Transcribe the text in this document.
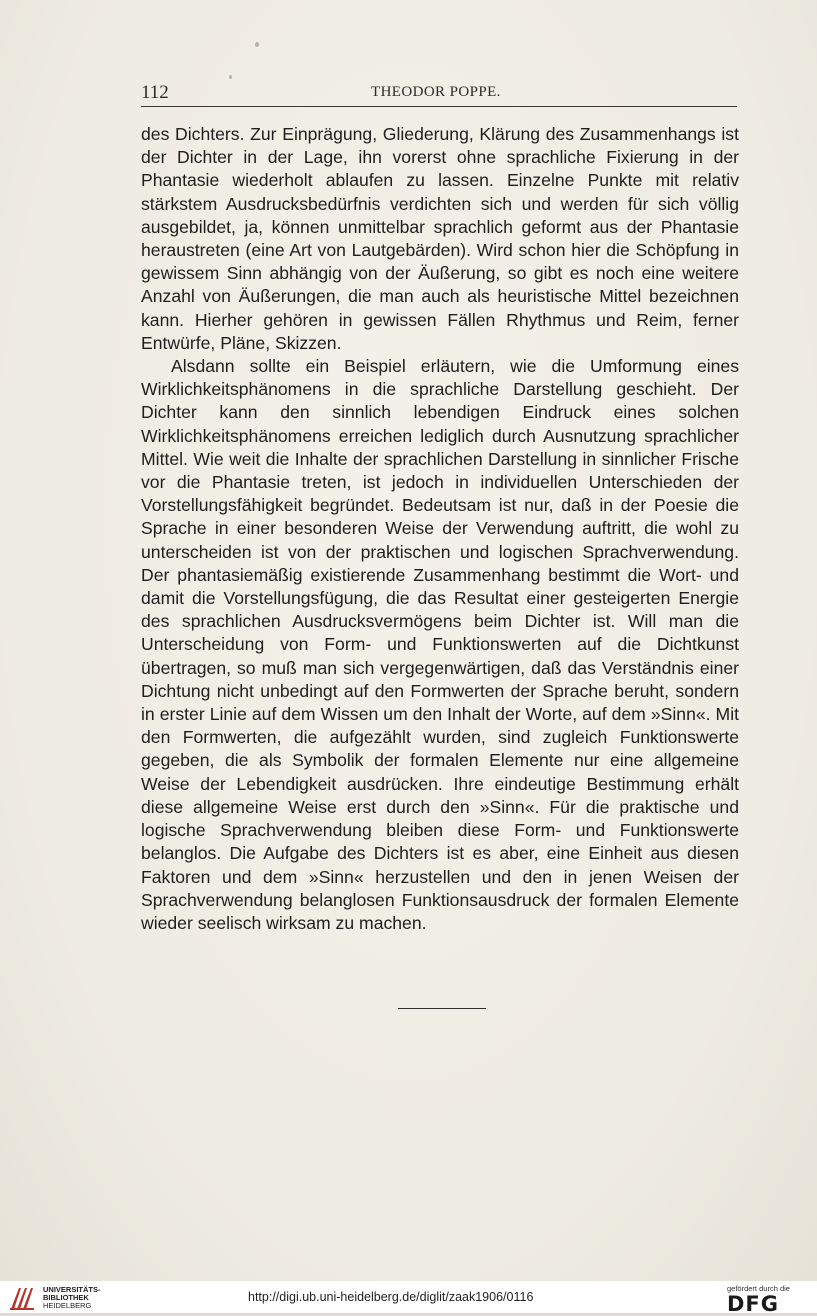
112	THEODOR POPPE.

des Dichters. Zur Einprägung, Gliederung, Klärung des Zusammenhangs ist der Dichter in der Lage, ihn vorerst ohne sprachliche Fixierung in der Phantasie wiederholt ablaufen zu lassen. Einzelne Punkte mit relativ stärkstem Ausdrucksbedürfnis verdichten sich und werden für sich völlig ausgebildet, ja, können unmittelbar sprachlich geformt aus der Phantasie heraustreten (eine Art von Lautgebärden). Wird schon hier die Schöpfung in gewissem Sinn abhängig von der Äußerung, so gibt es noch eine weitere Anzahl von Äußerungen, die man auch als heuristische Mittel bezeichnen kann. Hierher gehören in gewissen Fällen Rhythmus und Reim, ferner Entwürfe, Pläne, Skizzen.

Alsdann sollte ein Beispiel erläutern, wie die Umformung eines Wirklichkeitsphänomens in die sprachliche Darstellung geschieht. Der Dichter kann den sinnlich lebendigen Eindruck eines solchen Wirklichkeitsphänomens erreichen lediglich durch Ausnutzung sprachlicher Mittel. Wie weit die Inhalte der sprachlichen Darstellung in sinnlicher Frische vor die Phantasie treten, ist jedoch in individuellen Unterschieden der Vorstellungsfähigkeit begründet. Bedeutsam ist nur, daß in der Poesie die Sprache in einer besonderen Weise der Verwendung auftritt, die wohl zu unterscheiden ist von der praktischen und logischen Sprachverwendung. Der phantasiemäßig existierende Zusammenhang bestimmt die Wort- und damit die Vorstellungsfügung, die das Resultat einer gesteigerten Energie des sprachlichen Ausdrucksvermögens beim Dichter ist. Will man die Unterscheidung von Form- und Funktionswerten auf die Dichtkunst übertragen, so muß man sich vergegenwärtigen, daß das Verständnis einer Dichtung nicht unbedingt auf den Formwerten der Sprache beruht, sondern in erster Linie auf dem Wissen um den Inhalt der Worte, auf dem »Sinn«. Mit den Formwerten, die aufgezählt wurden, sind zugleich Funktionswerte gegeben, die als Symbolik der formalen Elemente nur eine allgemeine Weise der Lebendigkeit ausdrücken. Ihre eindeutige Bestimmung erhält diese allgemeine Weise erst durch den »Sinn«. Für die praktische und logische Sprachverwendung bleiben diese Form- und Funktionswerte belanglos. Die Aufgabe des Dichters ist es aber, eine Einheit aus diesen Faktoren und dem »Sinn« herzustellen und den in jenen Weisen der Sprachverwendung belanglosen Funktionsausdruck der formalen Elemente wieder seelisch wirksam zu machen.

UNIVERSITÄTS-
BIBLIOTHEK
HEIDELBERG
http://digi.ub.uni-heidelberg.de/diglit/zaak1906/0116
gefördert durch die
DFG
